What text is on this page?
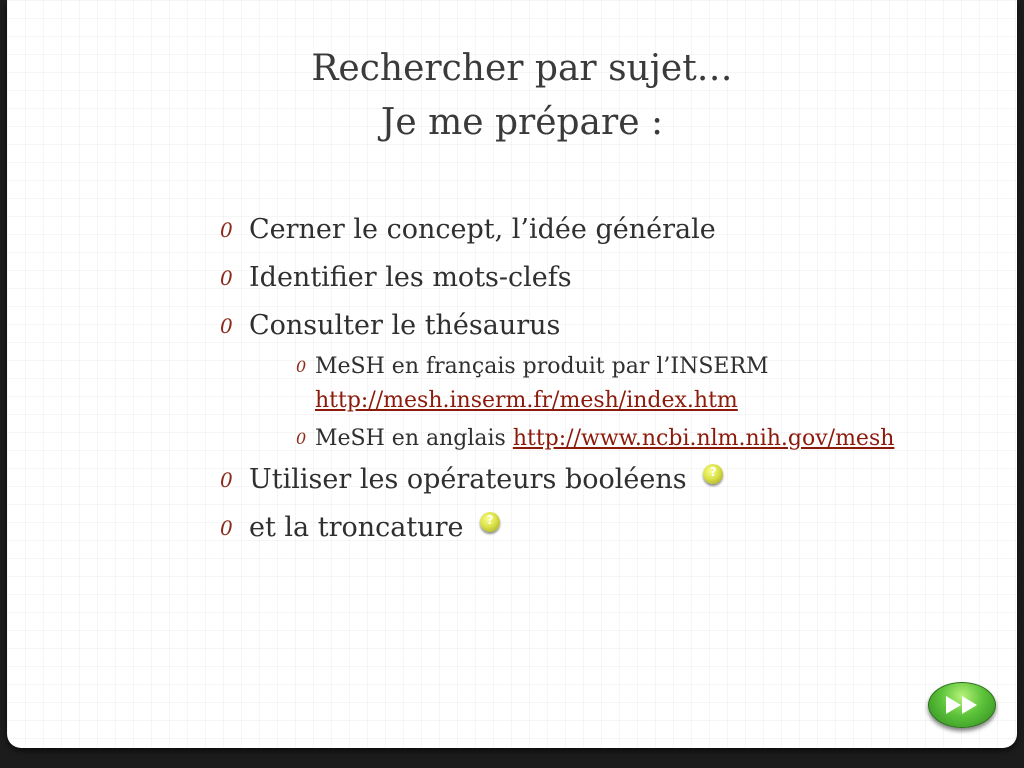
Rechercher par sujet…
Je me prépare :
0 Cerner le concept, l’idée générale
0 Identifier les mots-clefs
0 Consulter le thésaurus
0 MeSH en français produit par l’INSERM
http://mesh.inserm.fr/mesh/index.htm
0 MeSH en anglais http://www.ncbi.nlm.nih.gov/mesh
0 Utiliser les opérateurs booléens ?
0 et la troncature ?
